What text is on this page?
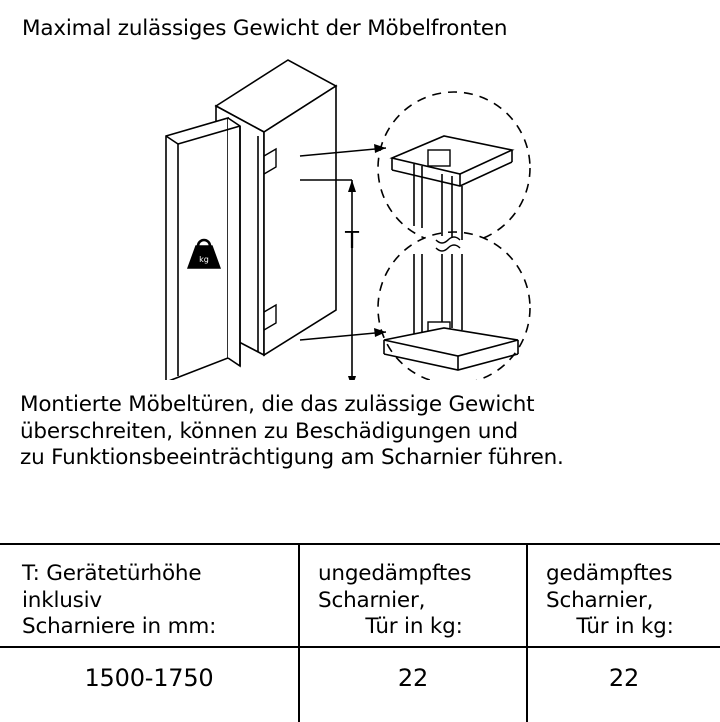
Maximal zulässiges Gewicht der Möbelfronten
kg
T
Montierte Möbeltüren, die das zulässige Gewicht
überschreiten, können zu Beschädigungen und
zu Funktionsbeeinträchtigung am Scharnier führen.
T: Gerätetürhöhe
inklusiv
Scharniere in mm:
ungedämpftes
Scharnier,

Tür in kg:
gedämpftes
Scharnier,

Tür in kg:
1500-1750	22	22
